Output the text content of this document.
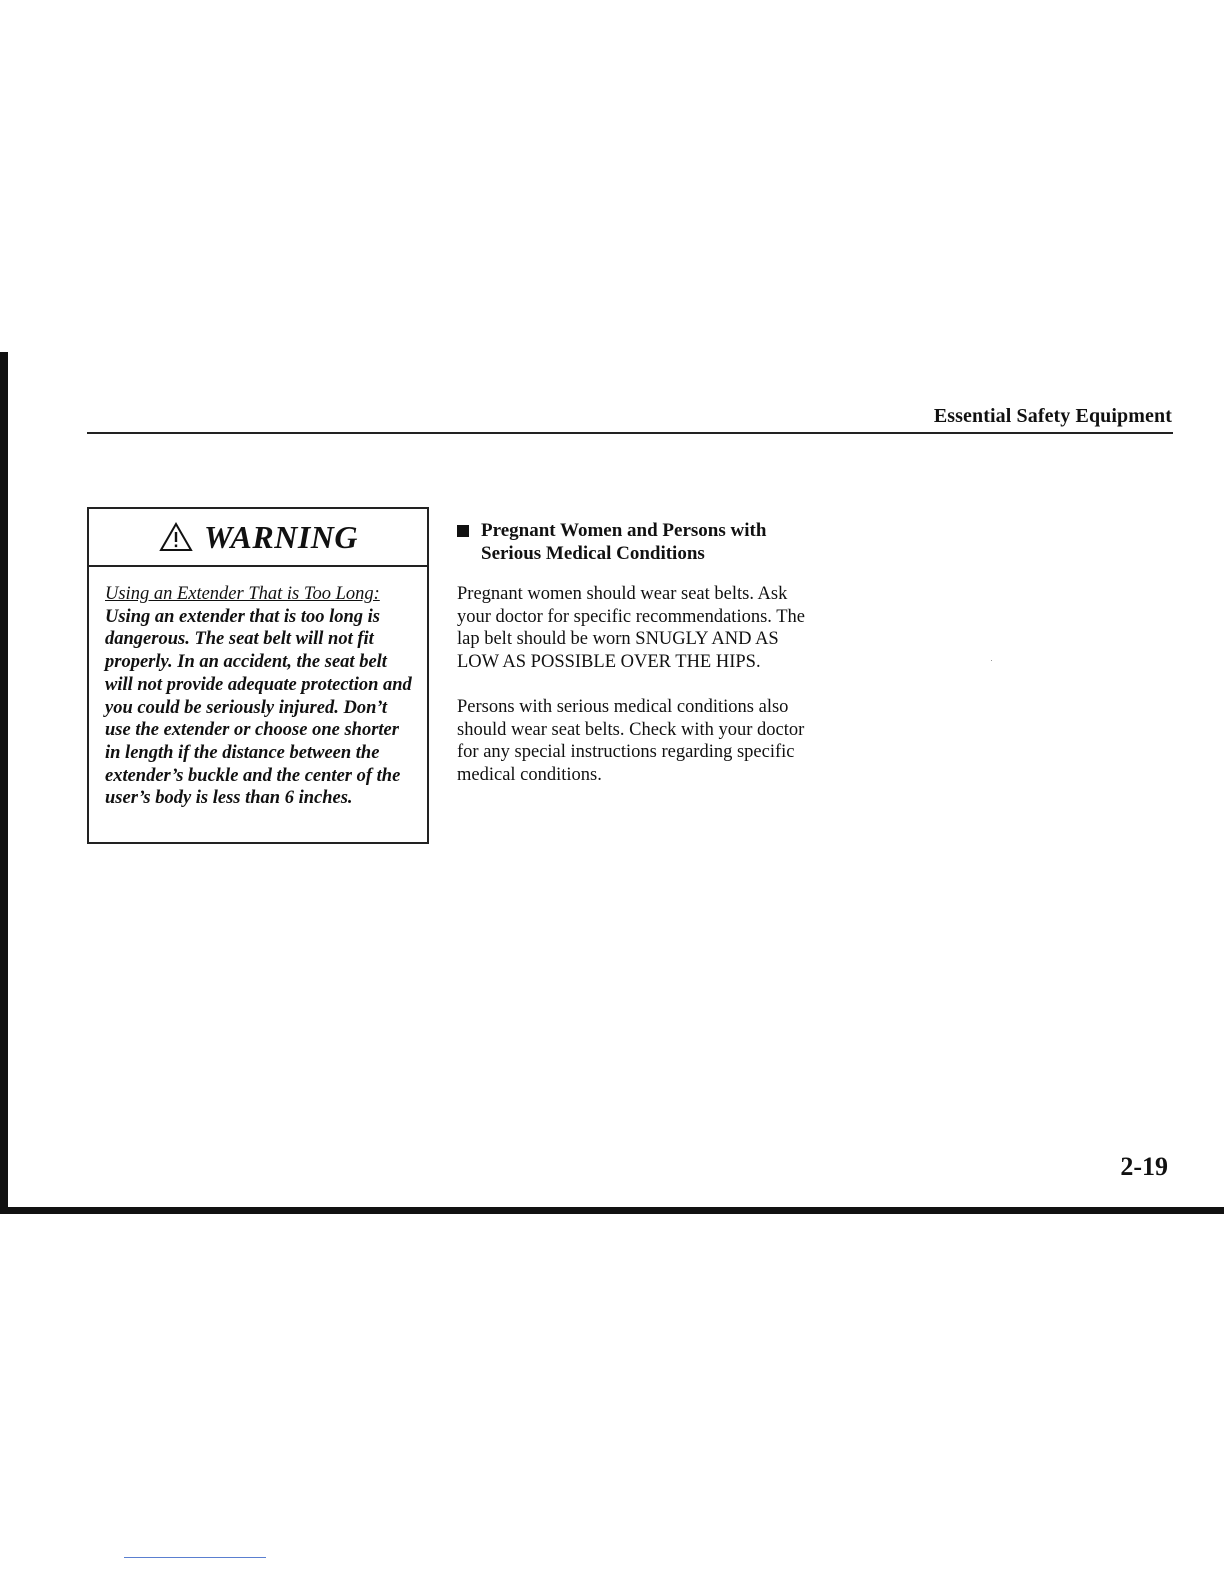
Essential Safety Equipment
WARNING
Using an Extender That is Too Long:
Using an extender that is too long is dangerous. The seat belt will not fit properly. In an accident, the seat belt will not provide adequate protection and you could be seriously injured. Don’t use the extender or choose one shorter in length if the distance between the extender’s buckle and the center of the user’s body is less than 6 inches.
Pregnant Women and Persons with Serious Medical Conditions

Pregnant women should wear seat belts. Ask your doctor for specific recommendations. The lap belt should be worn SNUGLY AND AS LOW AS POSSIBLE OVER THE HIPS.

Persons with serious medical conditions also should wear seat belts. Check with your doctor for any special instructions regarding specific medical conditions.

2-19
